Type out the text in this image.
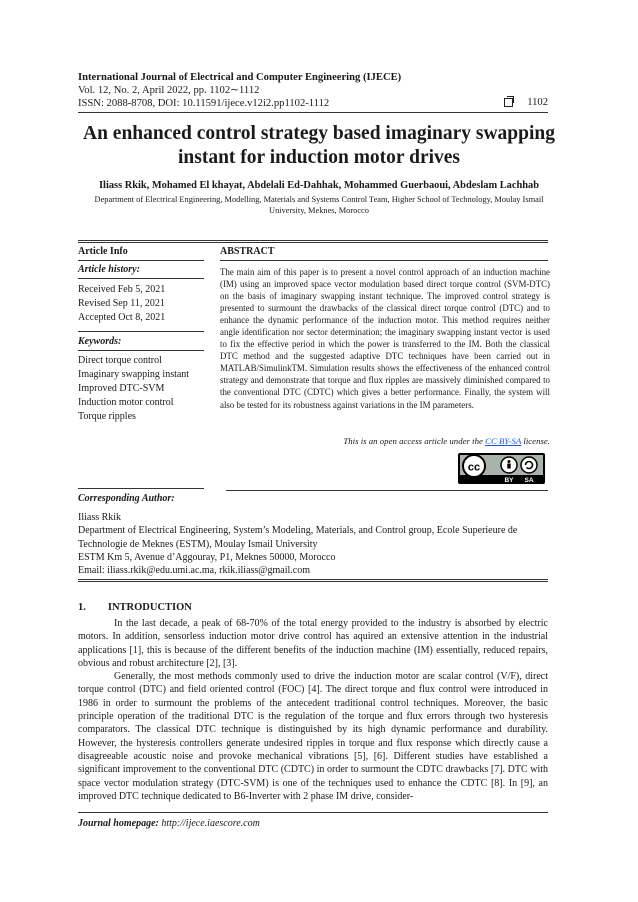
International Journal of Electrical and Computer Engineering (IJECE)
Vol. 12, No. 2, April 2022, pp. 1102∼1112
ISSN: 2088-8708, DOI: 10.11591/ijece.v12i2.pp1102-1112	1102
An enhanced control strategy based imaginary swapping instant for induction motor drives
Iliass Rkik, Mohamed El khayat, Abdelali Ed-Dahhak, Mohammed Guerbaoui, Abdeslam Lachhab
Department of Electrical Engineering, Modelling, Materials and Systems Control Team, Higher School of Technology, Moulay Ismail University, Meknes, Morocco
Article Info
Article history:
Received Feb 5, 2021
Revised Sep 11, 2021
Accepted Oct 8, 2021
Keywords:
Direct torque control
Imaginary swapping instant
Improved DTC-SVM
Induction motor control
Torque ripples
ABSTRACT
The main aim of this paper is to present a novel control approach of an induction machine (IM) using an improved space vector modulation based direct torque control (SVM-DTC) on the basis of imaginary swapping instant technique. The improved control strategy is presented to surmount the drawbacks of the classical direct torque control (DTC) and to enhance the dynamic performance of the induction motor. This method requires neither angle identification nor sector determination; the imaginary swapping instant vector is used to fix the effective period in which the power is transferred to the IM. Both the classical DTC method and the suggested adaptive DTC techniques have been carried out in MATLAB/SimulinkTM. Simulation results shows the effectiveness of the enhanced control strategy and demonstrate that torque and flux ripples are massively diminished compared to the conventional DTC (CDTC) which gives a better performance. Finally, the system will also be tested for its robustness against variations in the IM parameters.
This is an open access article under the CC BY-SA license.
cc
BY SA
Corresponding Author:
Iliass Rkik
Department of Electrical Engineering, System’s Modeling, Materials, and Control group, Ecole Superieure de Technologie de Meknes (ESTM), Moulay Ismail University
ESTM Km 5, Avenue d’Aggouray, P1, Meknes 50000, Morocco
Email: iliass.rkik@edu.umi.ac.ma, rkik.iliass@gmail.com
1. INTRODUCTION

In the last decade, a peak of 68-70% of the total energy provided to the industry is absorbed by electric motors. In addition, sensorless induction motor drive control has aquired an extensive attention in the industrial applications [1], this is because of the different benefits of the induction machine (IM) essentially, reduced repairs, obvious and robust architecture [2], [3].

Generally, the most methods commonly used to drive the induction motor are scalar control (V/F), direct torque control (DTC) and field oriented control (FOC) [4]. The direct torque and flux control were introduced in 1986 in order to surmount the problems of the antecedent traditional control techniques. Moreover, the basic principle operation of the traditional DTC is the regulation of the torque and flux errors through two hysteresis comparators. The classical DTC technique is distinguished by its high dynamic performance and durability. However, the hysteresis controllers generate undesired ripples in torque and flux response which directly cause a disagreeable acoustic noise and provoke mechanical vibrations [5], [6]. Different studies have established a significant improvement to the conventional DTC (CDTC) in order to surmount the CDTC drawbacks [7]. DTC with space vector modulation strategy (DTC-SVM) is one of the techniques used to enhance the CDTC [8]. In [9], an improved DTC technique dedicated to B6-Inverter with 2 phase IM drive, consider-

Journal homepage: http://ijece.iaescore.com
